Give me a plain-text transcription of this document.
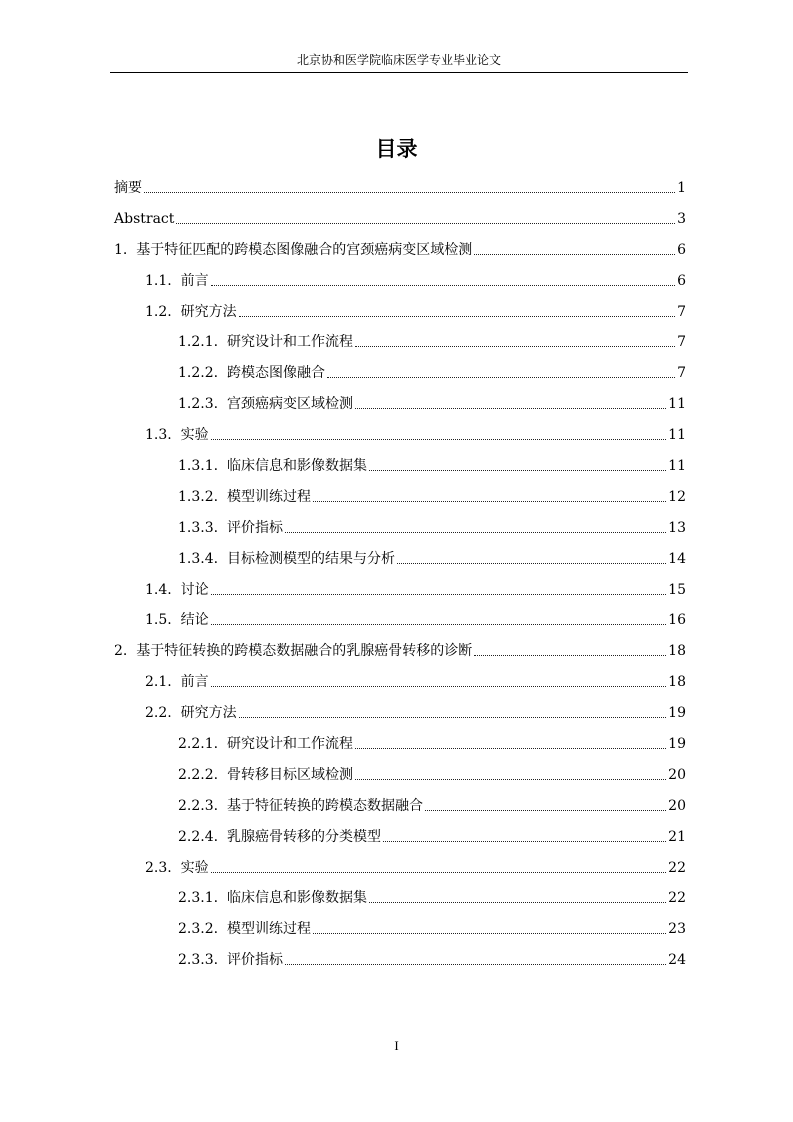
北京协和医学院临床医学专业毕业论文
目录
摘要	1
Abstract	3
1. 基于特征匹配的跨模态图像融合的宫颈癌病变区域检测	6
1.1. 前言	6
1.2. 研究方法	7
1.2.1. 研究设计和工作流程	7
1.2.2. 跨模态图像融合	7
1.2.3. 宫颈癌病变区域检测	11
1.3. 实验	11
1.3.1. 临床信息和影像数据集	11
1.3.2. 模型训练过程	12
1.3.3. 评价指标	13
1.3.4. 目标检测模型的结果与分析	14
1.4. 讨论	15
1.5. 结论	16
2. 基于特征转换的跨模态数据融合的乳腺癌骨转移的诊断	18
2.1. 前言	18
2.2. 研究方法	19
2.2.1. 研究设计和工作流程	19
2.2.2. 骨转移目标区域检测	20
2.2.3. 基于特征转换的跨模态数据融合	20
2.2.4. 乳腺癌骨转移的分类模型	21
2.3. 实验	22
2.3.1. 临床信息和影像数据集	22
2.3.2. 模型训练过程	23
2.3.3. 评价指标	24
I
